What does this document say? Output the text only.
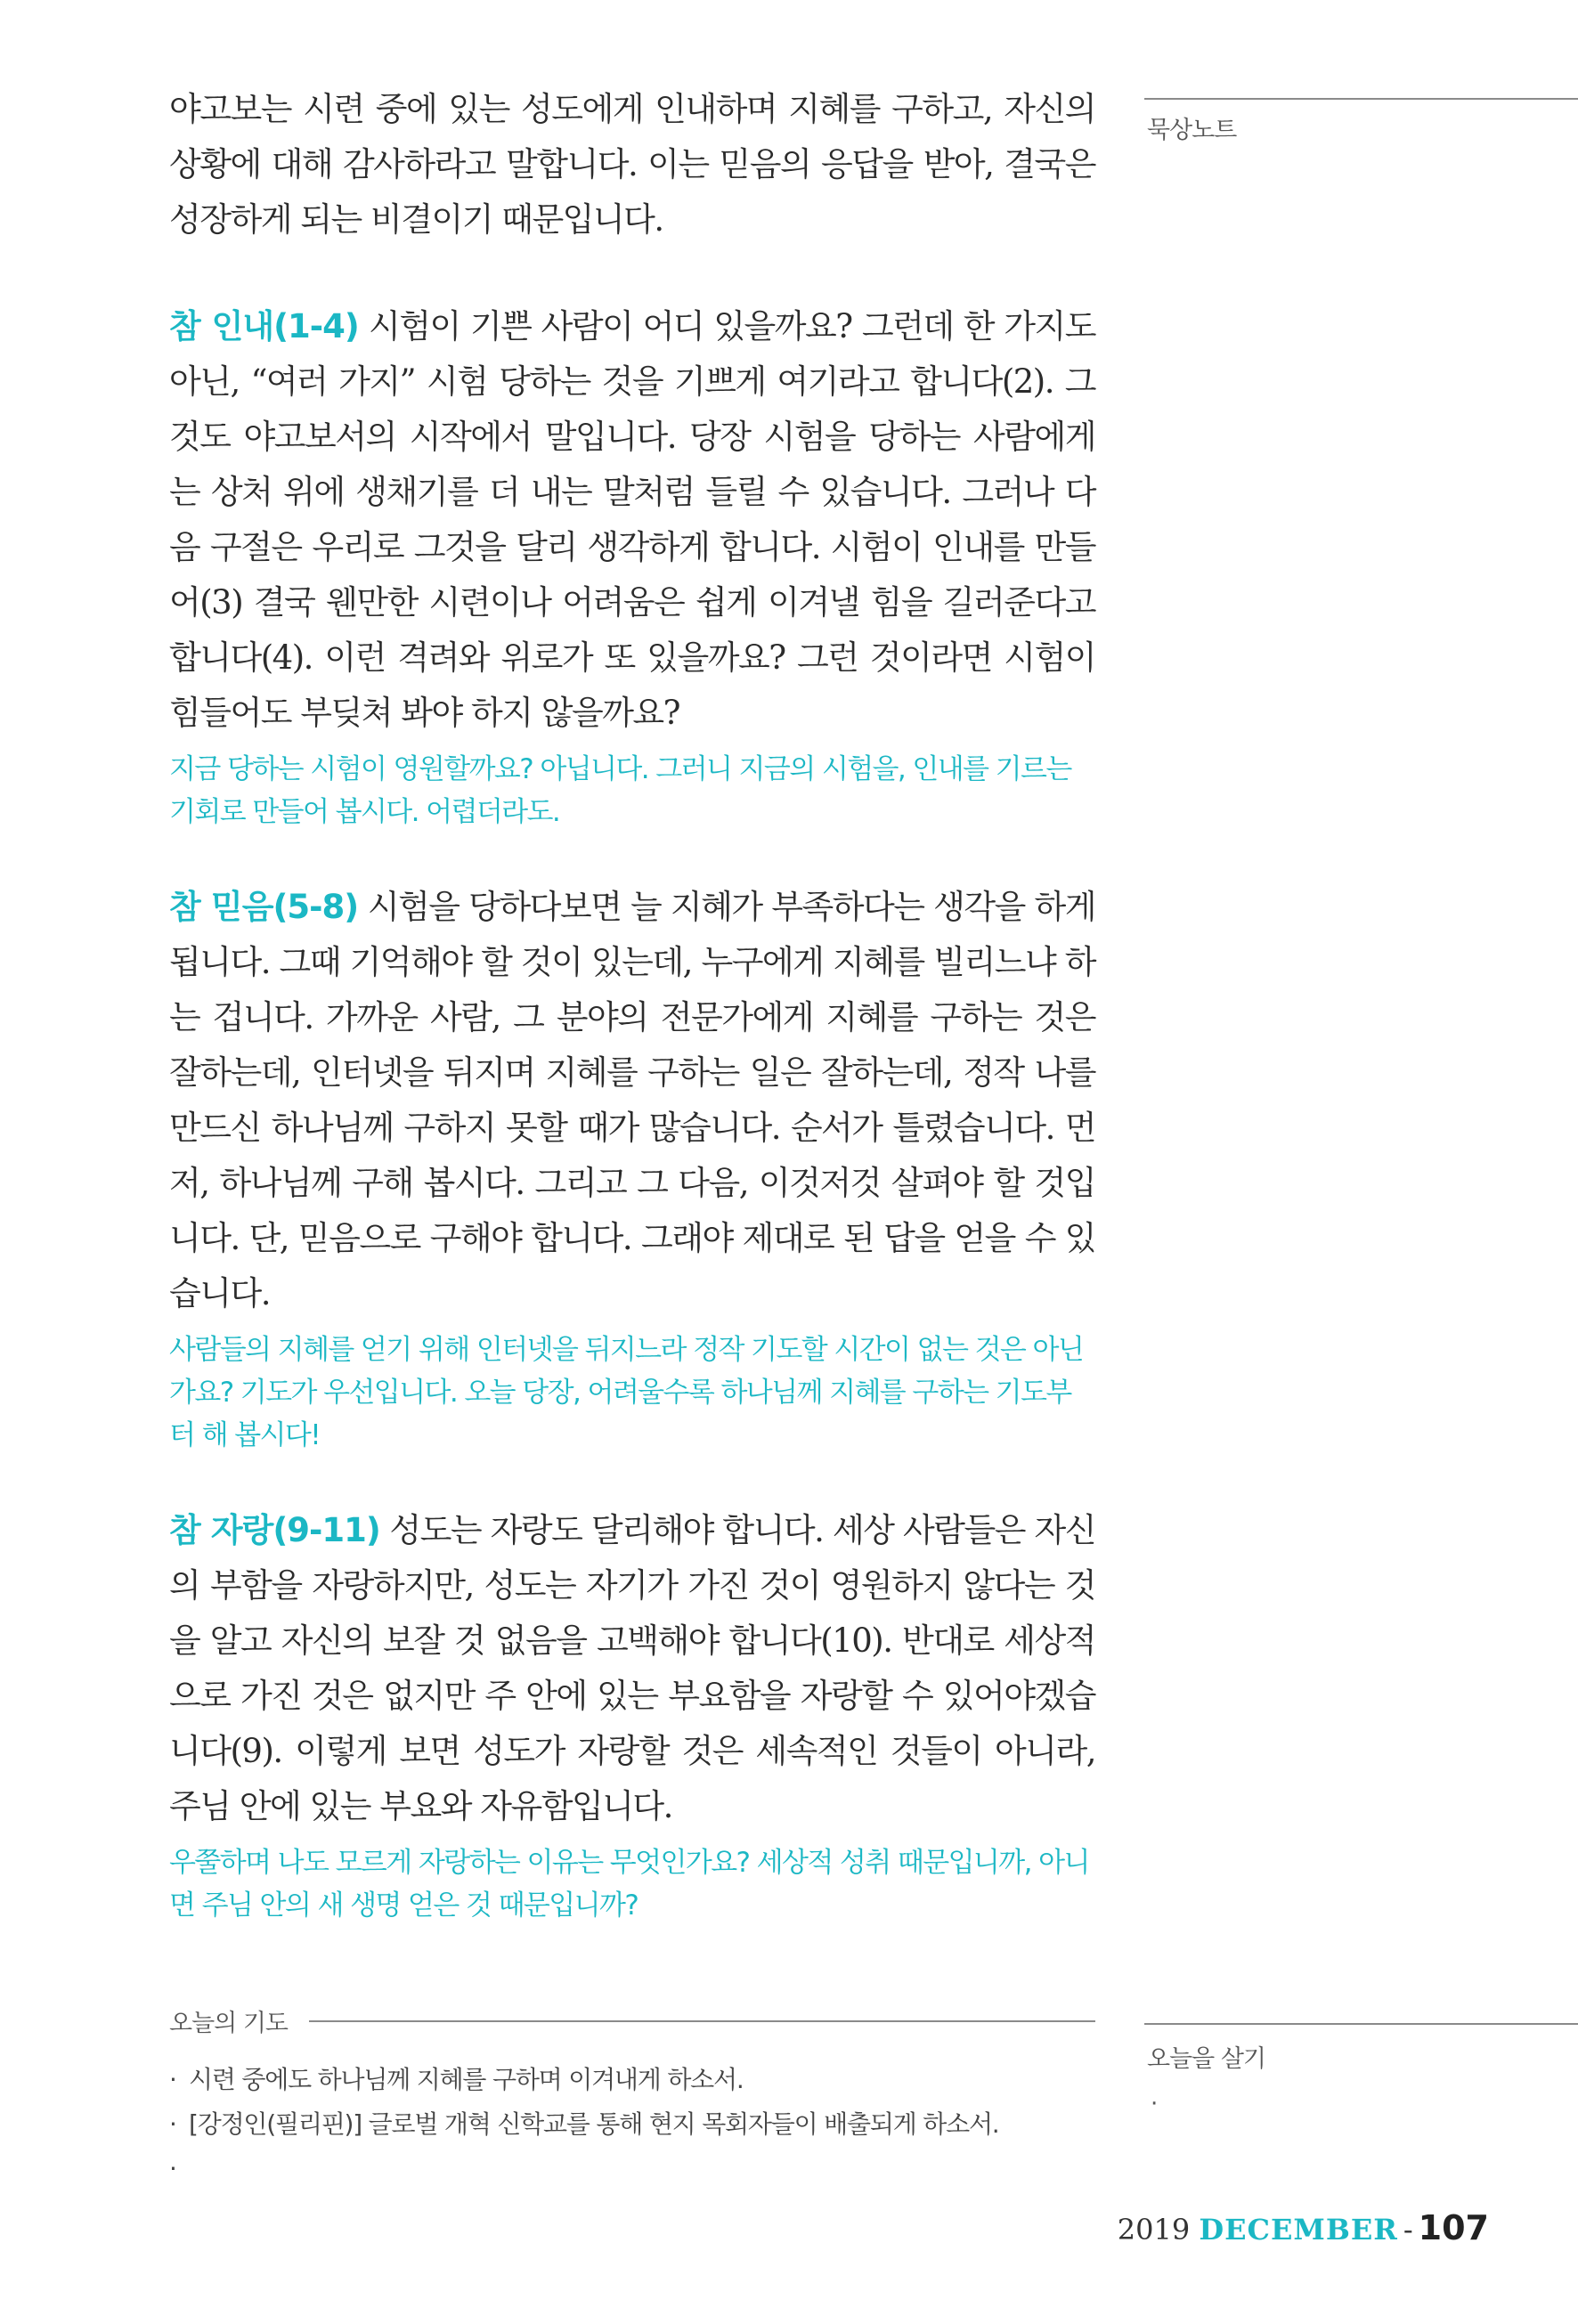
야고보는 시련 중에 있는 성도에게 인내하며 지혜를 구하고, 자신의 상황에 대해 감사하라고 말합니다. 이는 믿음의 응답을 받아, 결국은 성장하게 되는 비결이기 때문입니다.

참 인내(1-4) 시험이 기쁜 사람이 어디 있을까요? 그런데 한 가지도 아닌, “여러 가지” 시험 당하는 것을 기쁘게 여기라고 합니다(2). 그것도 야고보서의 시작에서 말입니다. 당장 시험을 당하는 사람에게는 상처 위에 생채기를 더 내는 말처럼 들릴 수 있습니다. 그러나 다음 구절은 우리로 그것을 달리 생각하게 합니다. 시험이 인내를 만들어(3) 결국 웬만한 시련이나 어려움은 쉽게 이겨낼 힘을 길러준다고 합니다(4). 이런 격려와 위로가 또 있을까요? 그런 것이라면 시험이 힘들어도 부딪쳐 봐야 하지 않을까요?

지금 당하는 시험이 영원할까요? 아닙니다. 그러니 지금의 시험을, 인내를 기르는 기회로 만들어 봅시다. 어렵더라도.

참 믿음(5-8) 시험을 당하다보면 늘 지혜가 부족하다는 생각을 하게 됩니다. 그때 기억해야 할 것이 있는데, 누구에게 지혜를 빌리느냐 하는 겁니다. 가까운 사람, 그 분야의 전문가에게 지혜를 구하는 것은 잘하는데, 인터넷을 뒤지며 지혜를 구하는 일은 잘하는데, 정작 나를 만드신 하나님께 구하지 못할 때가 많습니다. 순서가 틀렸습니다. 먼저, 하나님께 구해 봅시다. 그리고 그 다음, 이것저것 살펴야 할 것입니다. 단, 믿음으로 구해야 합니다. 그래야 제대로 된 답을 얻을 수 있습니다.

사람들의 지혜를 얻기 위해 인터넷을 뒤지느라 정작 기도할 시간이 없는 것은 아닌가요? 기도가 우선입니다. 오늘 당장, 어려울수록 하나님께 지혜를 구하는 기도부터 해 봅시다!

참 자랑(9-11) 성도는 자랑도 달리해야 합니다. 세상 사람들은 자신의 부함을 자랑하지만, 성도는 자기가 가진 것이 영원하지 않다는 것을 알고 자신의 보잘 것 없음을 고백해야 합니다(10). 반대로 세상적으로 가진 것은 없지만 주 안에 있는 부요함을 자랑할 수 있어야겠습니다(9). 이렇게 보면 성도가 자랑할 것은 세속적인 것들이 아니라, 주님 안에 있는 부요와 자유함입니다.

우쭐하며 나도 모르게 자랑하는 이유는 무엇인가요? 세상적 성취 때문입니까, 아니면 주님 안의 새 생명 얻은 것 때문입니까?

묵상노트
오늘을 살기
·
오늘의 기도
· 시련 중에도 하나님께 지혜를 구하며 이겨내게 하소서.
· [강정인(필리핀)] 글로벌 개혁 신학교를 통해 현지 목회자들이 배출되게 하소서.
·
2019 DECEMBER - 107
